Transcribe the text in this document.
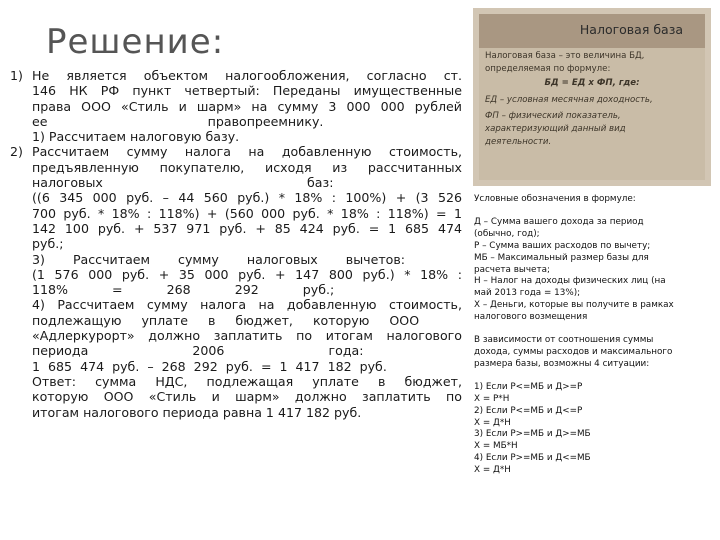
Решение:
1) Не является объектом налогообложения, согласно ст.
146 НК РФ пункт четвертый: Переданы имущественные
права ООО «Стиль и шарм» на сумму 3 000 000 рублей
ее                                        правопреемнику.
1) Рассчитаем налоговую базу.
2) Рассчитаем сумму налога на добавленную стоимость,
предъявленную покупателю, исходя из рассчитанных
налоговых                                                   баз:
((6 345 000 руб. – 44 560 руб.) * 18% : 100%) + (3 526
700 руб. * 18% : 118%) + (560 000 руб. * 18% : 118%) = 1
142 100 руб. + 537 971 руб. + 85 424 руб. = 1 685 474
руб.;
3)       Рассчитаем       сумму       налоговых       вычетов:
(1 576 000 руб. + 35 000 руб. + 147 800 руб.) * 18% :
118%           =           268           292           руб.;
4) Рассчитаем сумму налога на добавленную стоимость,
подлежащую     уплате     в     бюджет,     которую     ООО
«Адлеркурорт» должно заплатить по итогам налогового
периода                          2006                          года:
1  685  474  руб.  –  268  292  руб.  =  1  417  182  руб.
Ответ: сумма НДС, подлежащая уплате в бюджет,
которую ООО «Стиль и шарм» должно заплатить по
итогам налогового периода равна 1 417 182 руб.
Налоговая база
Налоговая база – это величина БД,
определяемая по формуле:
БД = ЕД х ФП, где:
ЕД – условная месячная доходность,
ФП – физический показатель,
характеризующий данный вид
деятельности.
Условные обозначения в формуле:
Д – Сумма вашего дохода за период
(обычно, год);
Р – Сумма ваших расходов по вычету;
МБ – Максимальный размер базы для
расчета вычета;
Н – Налог на доходы физических лиц (на
май 2013 года = 13%);
Х – Деньги, которые вы получите в рамках
налогового возмещения
В зависимости от соотношения суммы
дохода, суммы расходов и максимального
размера базы, возможны 4 ситуации:
1) Если Р<=МБ и Д>=Р
Х = Р*Н
2) Если Р<=МБ и Д<=Р
Х = Д*Н
3) Если Р>=МБ и Д>=МБ
Х = МБ*Н
4) Если Р>=МБ и Д<=МБ
Х = Д*Н
